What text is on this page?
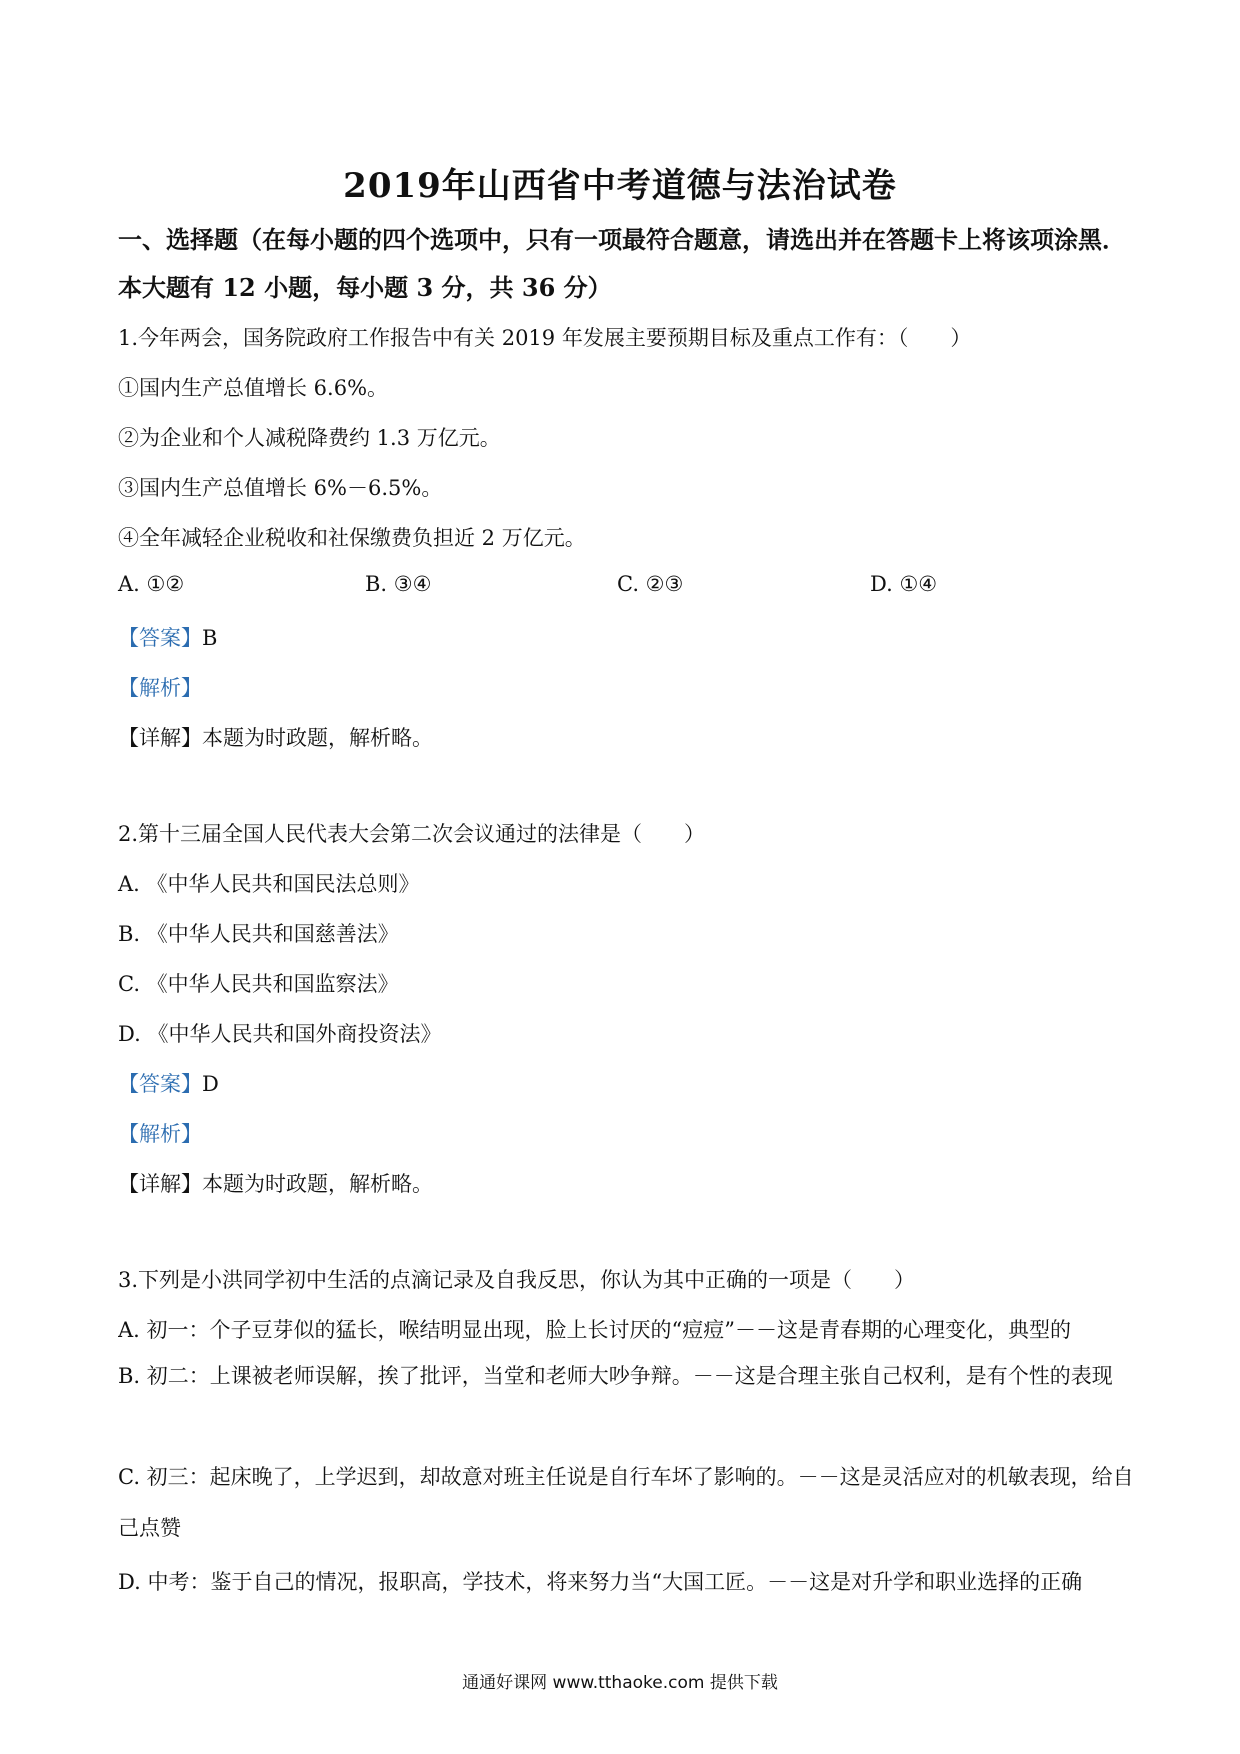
2019年山西省中考道德与法治试卷
一、选择题（在每小题的四个选项中，只有一项最符合题意，请选出并在答题卡上将该项涂黑．本大题有 12 小题，每小题 3 分，共 36 分）
1.今年两会，国务院政府工作报告中有关 2019 年发展主要预期目标及重点工作有：（　　）
①国内生产总值增长 6.6%。
②为企业和个人减税降费约 1.3 万亿元。
③国内生产总值增长 6%－6.5%。
④全年减轻企业税收和社保缴费负担近 2 万亿元。
A. ①②	B. ③④	C. ②③	D. ①④
【答案】B
【解析】
【详解】本题为时政题，解析略。
2.第十三届全国人民代表大会第二次会议通过的法律是（　　）
A. 《中华人民共和国民法总则》
B. 《中华人民共和国慈善法》
C. 《中华人民共和国监察法》
D. 《中华人民共和国外商投资法》
【答案】D
【解析】
【详解】本题为时政题，解析略。
3.下列是小洪同学初中生活的点滴记录及自我反思，你认为其中正确的一项是（　　）
A. 初一：个子豆芽似的猛长，喉结明显出现，脸上长讨厌的“痘痘”－－这是青春期的心理变化，典型的
B. 初二：上课被老师误解，挨了批评，当堂和老师大吵争辩。－－这是合理主张自己权利，是有个性的表现
C. 初三：起床晚了，上学迟到，却故意对班主任说是自行车坏了影响的。－－这是灵活应对的机敏表现，给自己点赞
D. 中考：鉴于自己的情况，报职高，学技术，将来努力当“大国工匠。－－这是对升学和职业选择的正确
通通好课网 www.tthaoke.com 提供下载
